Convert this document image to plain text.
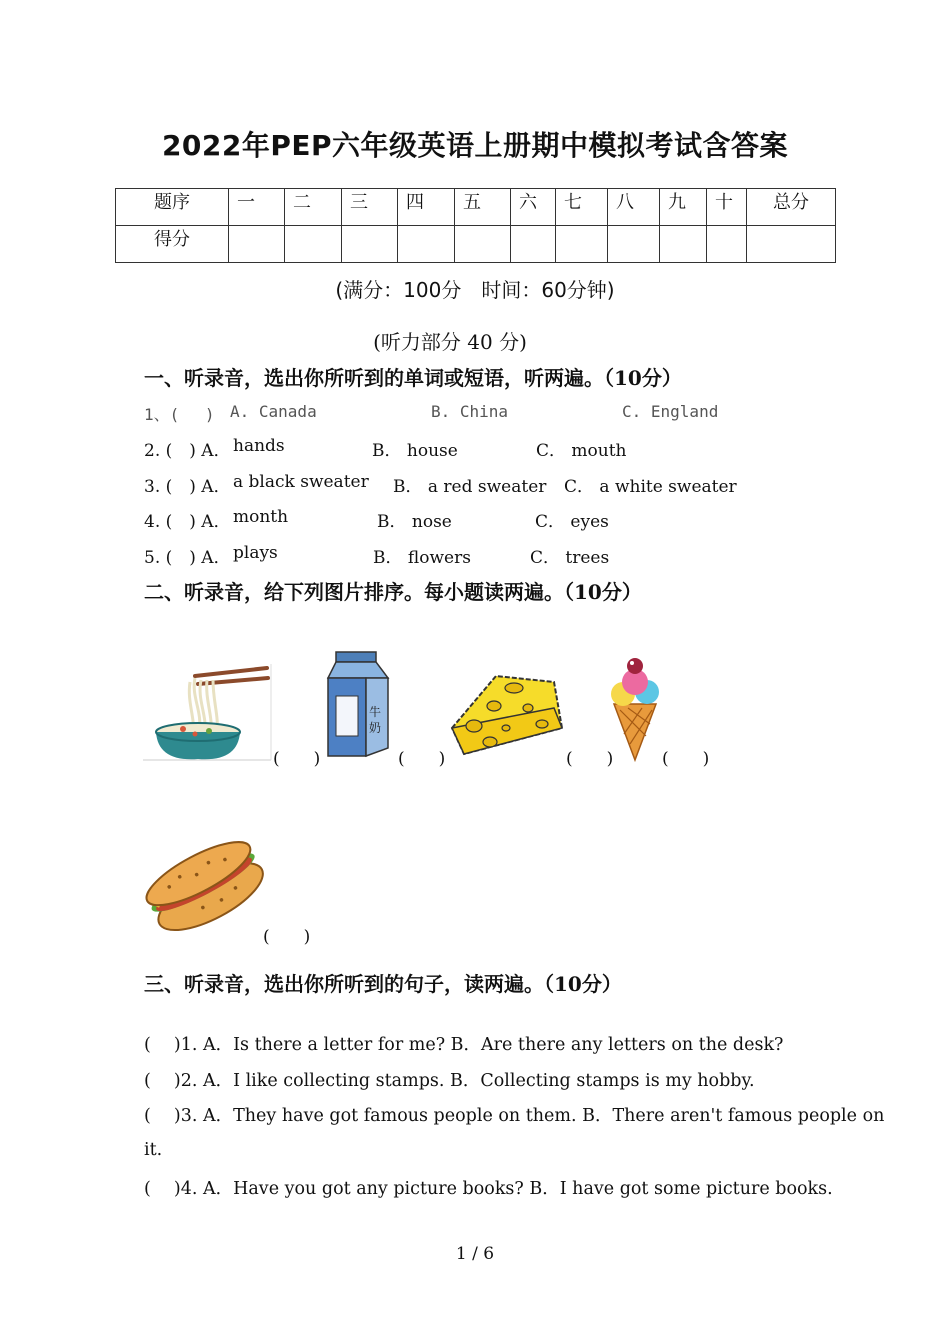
2022年PEP六年级英语上册期中模拟考试含答案
题序	一	二	三	四	五	六	七	八	九	十	总分
得分											
(满分：100分　时间：60分钟)
(听力部分 40 分)
一、听录音，选出你所听到的单词或短语，听两遍。（10分）
1、(　 ) A. Canada	B. China	C. England
2. (　) A． hands	B． house	C． mouth
3. (　) A． a black sweater B． a red sweater C． a white sweater
4. (　) A． month	B． nose	C． eyes
5. (　) A． plays	B． flowers	C． trees
二、听录音，给下列图片排序。每小题读两遍。（10分）
(　　)
牛
奶
(　　)	(　　)	(　　)
(　　)
三、听录音，选出你所听到的句子，读两遍。（10分）
(　 )1. A．Is there a letter for me? B．Are there any letters on the desk?
(　 )2. A．I like collecting stamps. B．Collecting stamps is my hobby.
(　 )3. A．They have got famous people on them. B．There aren't famous people on
it.
(　 )4. A．Have you got any picture books? B．I have got some picture books.
1 / 6
